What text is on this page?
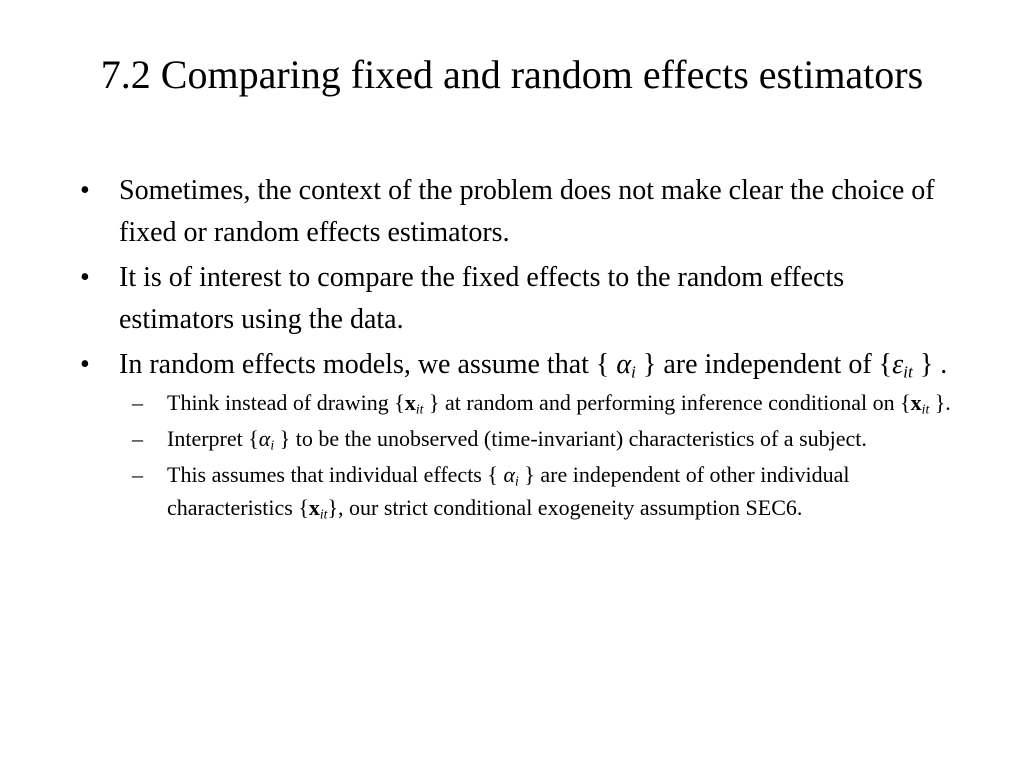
7.2 Comparing fixed and random effects estimators
• Sometimes, the context of the problem does not make clear the choice of fixed or random effects estimators.
• It is of interest to compare the fixed effects to the random effects estimators using the data.
• In random effects models, we assume that { $\alpha_i$ } are independent of {$\varepsilon_{it}$ } .
– Think instead of drawing {$x_{it}$ } at random and performing inference conditional on {$x_{it}$ }.
– Interpret {$\alpha_i$ } to be the unobserved (time-invariant) characteristics of a subject.
– This assumes that individual effects { $\alpha_i$ } are independent of other individual characteristics $\{x_{it}\}$, our strict conditional exogeneity assumption SEC6.
